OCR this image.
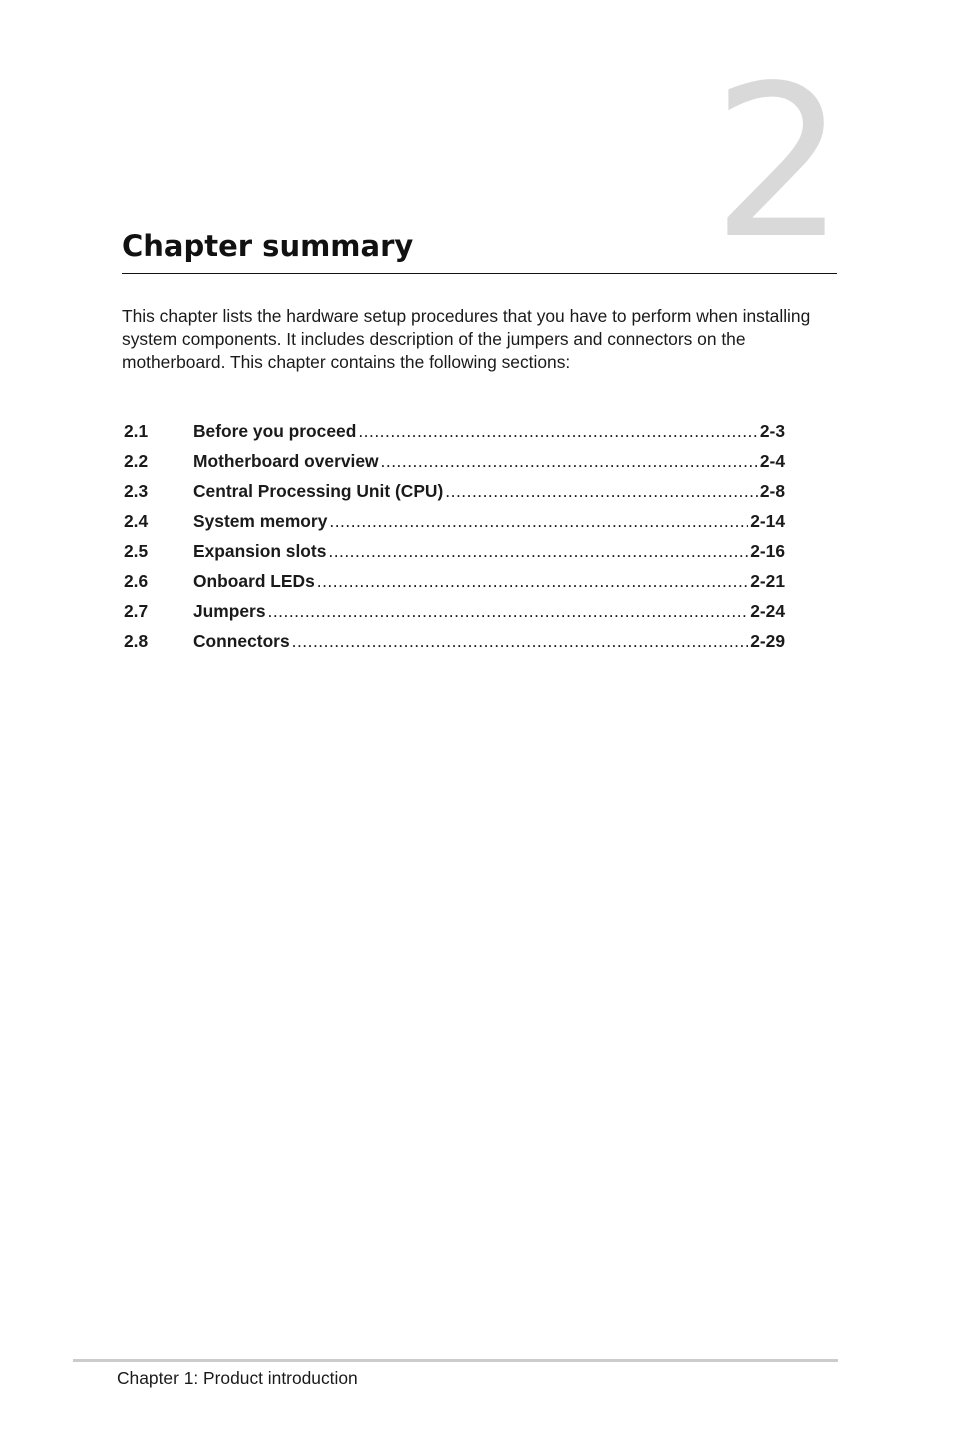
2
Chapter summary

This chapter lists the hardware setup procedures that you have to perform when installing system components. It includes description of the jumpers and connectors on the motherboard. This chapter contains the following sections:

2.1	Before you proceed .....	2-3
2.2	Motherboard overview .....	2-4
2.3	Central Processing Unit (CPU) .....	2-8
2.4	System memory .....	2-14
2.5	Expansion slots .....	2-16
2.6	Onboard LEDs .....	2-21
2.7	Jumpers .....	2-24
2.8	Connectors .....	2-29
Chapter 1: Product introduction
